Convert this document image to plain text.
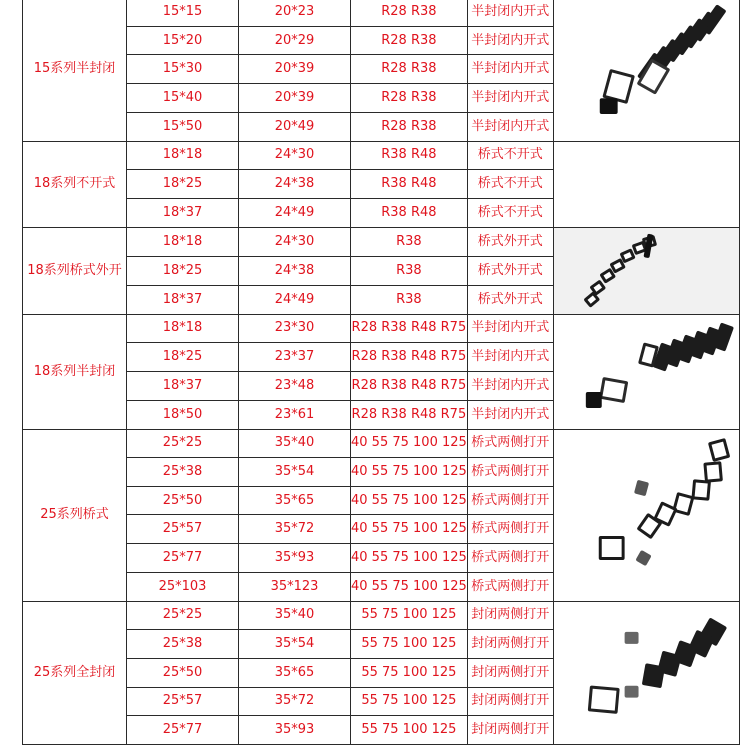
15系列半封闭	15*15	20*23	R28 R38	半封闭内开式	

	15*20	20*29	R28 R38	半封闭内开式	
	15*30	20*39	R28 R38	半封闭内开式	
	15*40	20*39	R28 R38	半封闭内开式	
	15*50	20*49	R28 R38	半封闭内开式	
18系列不开式	18*18	24*30	R38 R48	桥式不开式	
	18*25	24*38	R38 R48	桥式不开式	
	18*37	24*49	R38 R48	桥式不开式	
18系列桥式外开	18*18	24*30	R38	桥式外开式	

	18*25	24*38	R38	桥式外开式	
	18*37	24*49	R38	桥式外开式	
18系列半封闭	18*18	23*30	R28 R38 R48 R75	半封闭内开式	

	18*25	23*37	R28 R38 R48 R75	半封闭内开式	
	18*37	23*48	R28 R38 R48 R75	半封闭内开式	
	18*50	23*61	R28 R38 R48 R75	半封闭内开式	
25系列桥式	25*25	35*40	40 55 75 100 125	桥式两侧打开	

	25*38	35*54	40 55 75 100 125	桥式两侧打开	
	25*50	35*65	40 55 75 100 125	桥式两侧打开	
	25*57	35*72	40 55 75 100 125	桥式两侧打开	
	25*77	35*93	40 55 75 100 125	桥式两侧打开	
	25*103	35*123	40 55 75 100 125	桥式两侧打开	
25系列全封闭	25*25	35*40	55 75 100 125	封闭两侧打开	

	25*38	35*54	55 75 100 125	封闭两侧打开	
	25*50	35*65	55 75 100 125	封闭两侧打开	
	25*57	35*72	55 75 100 125	封闭两侧打开	
	25*77	35*93	55 75 100 125	封闭两侧打开	
